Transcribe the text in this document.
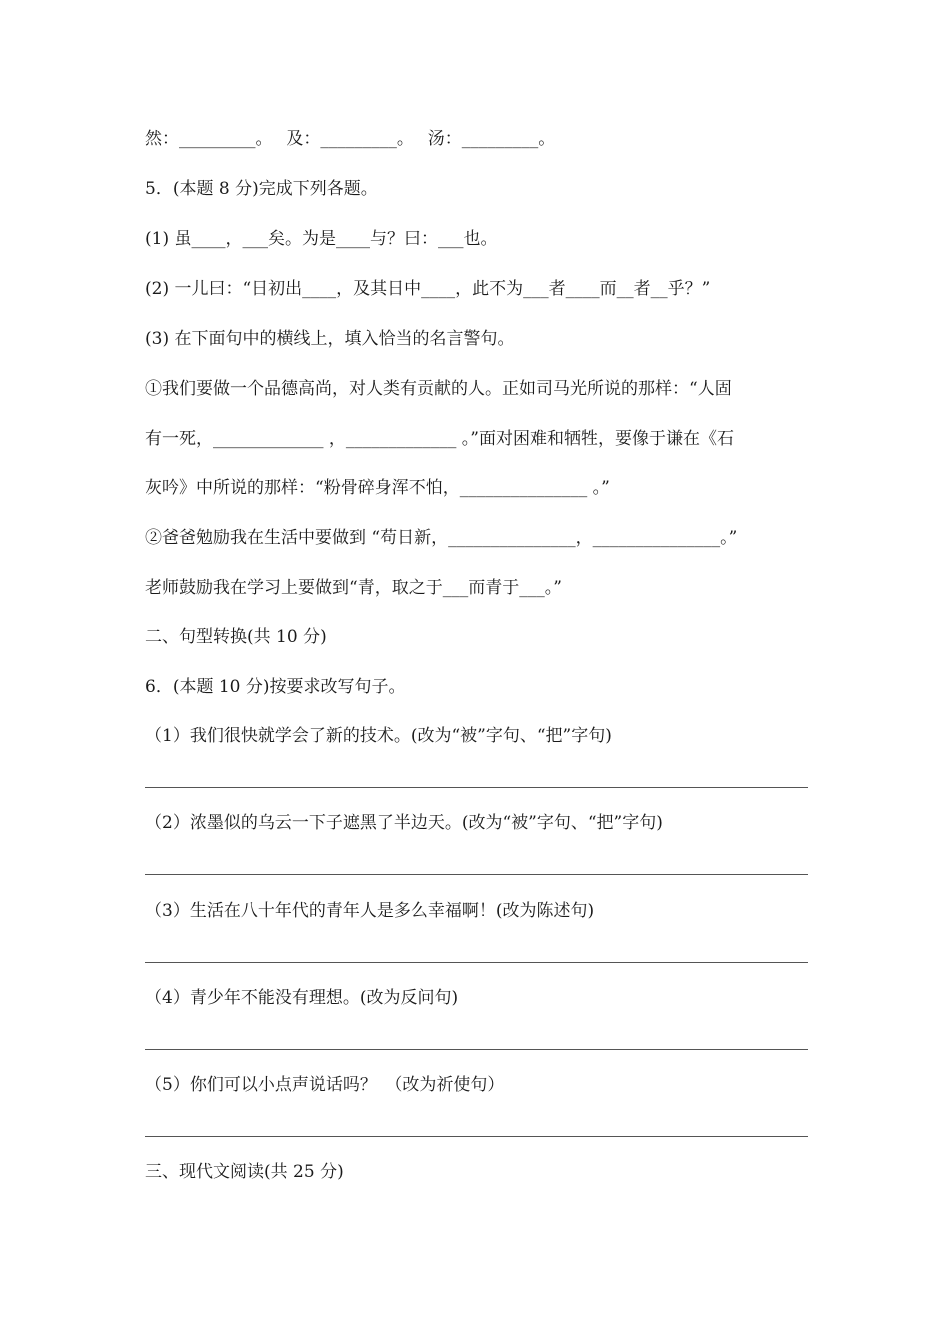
然：_________。　 及：_________。　 汤：_________。
5．(本题 8 分)完成下列各题。
(1) 虽____，___矣。为是____与？曰：___也。
(2) 一儿曰：“日初出____，及其日中____，此不为___者____而__者__乎？”
(3) 在下面句中的横线上，填入恰当的名言警句。
①我们要做一个品德高尚，对人类有贡献的人。正如司马光所说的那样：“人固
有一死，_____________ ，_____________ 。”面对困难和牺牲，要像于谦在《石
灰吟》中所说的那样：“粉骨碎身浑不怕，_______________ 。”
②爸爸勉励我在生活中要做到 “苟日新，_______________，_______________。”
老师鼓励我在学习上要做到“青，取之于___而青于___。”
二、句型转换(共 10 分)
6．(本题 10 分)按要求改写句子。
（1）我们很快就学会了新的技术。(改为“被”字句、“把”字句)
（2）浓墨似的乌云一下子遮黑了半边天。(改为“被”字句、“把”字句)
（3）生活在八十年代的青年人是多么幸福啊！(改为陈述句)
（4）青少年不能没有理想。(改为反问句)
（5）你们可以小点声说话吗？　（改为祈使句）
三、现代文阅读(共 25 分)
